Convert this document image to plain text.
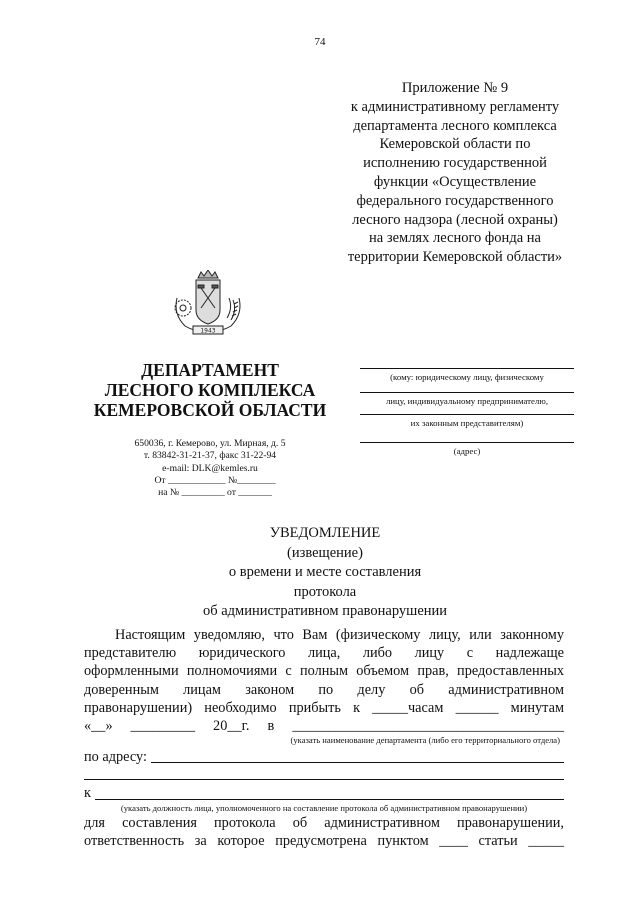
74
Приложение № 9
к административному регламенту
департамента лесного комплекса
Кемеровской области по
исполнению государственной
функции «Осуществление
федерального государственного
лесного надзора (лесной охраны)
на землях лесного фонда на
территории Кемеровской области»
1943
ДЕПАРТАМЕНТ
ЛЕСНОГО КОМПЛЕКСА
КЕМЕРОВСКОЙ ОБЛАСТИ
650036, г. Кемерово, ул. Мирная, д. 5
т. 83842-31-21-37, факс 31-22-94
e-mail: DLK@kemles.ru
От ____________ №________
на № _________ от _______
(кому: юридическому лицу, физическому
лицу, индивидуальному предпринимателю,
их законным представителям)
(адрес)
УВЕДОМЛЕНИЕ
(извещение)
о времени и месте составления
протокола
об административном правонарушении

Настоящим уведомляю, что Вам (физическому лицу, или законному

представителю юридического лица, либо лицу с надлежаще

оформленными полномочиями с полным объемом прав, предоставленных

доверенным лицам законом по делу об административном

правонарушении) необходимо прибыть к _____часам ______ минутам

«__» _________ 20__г. в ______________________________________

(указать наименование департамента (либо его территориального отдела)
по адресу:
к
(указать должность лица, уполномоченного на составление протокола об административном правонарушении)

для составления протокола об административном правонарушении,

ответственность за которое предусмотрена пунктом ____ статьи _____
